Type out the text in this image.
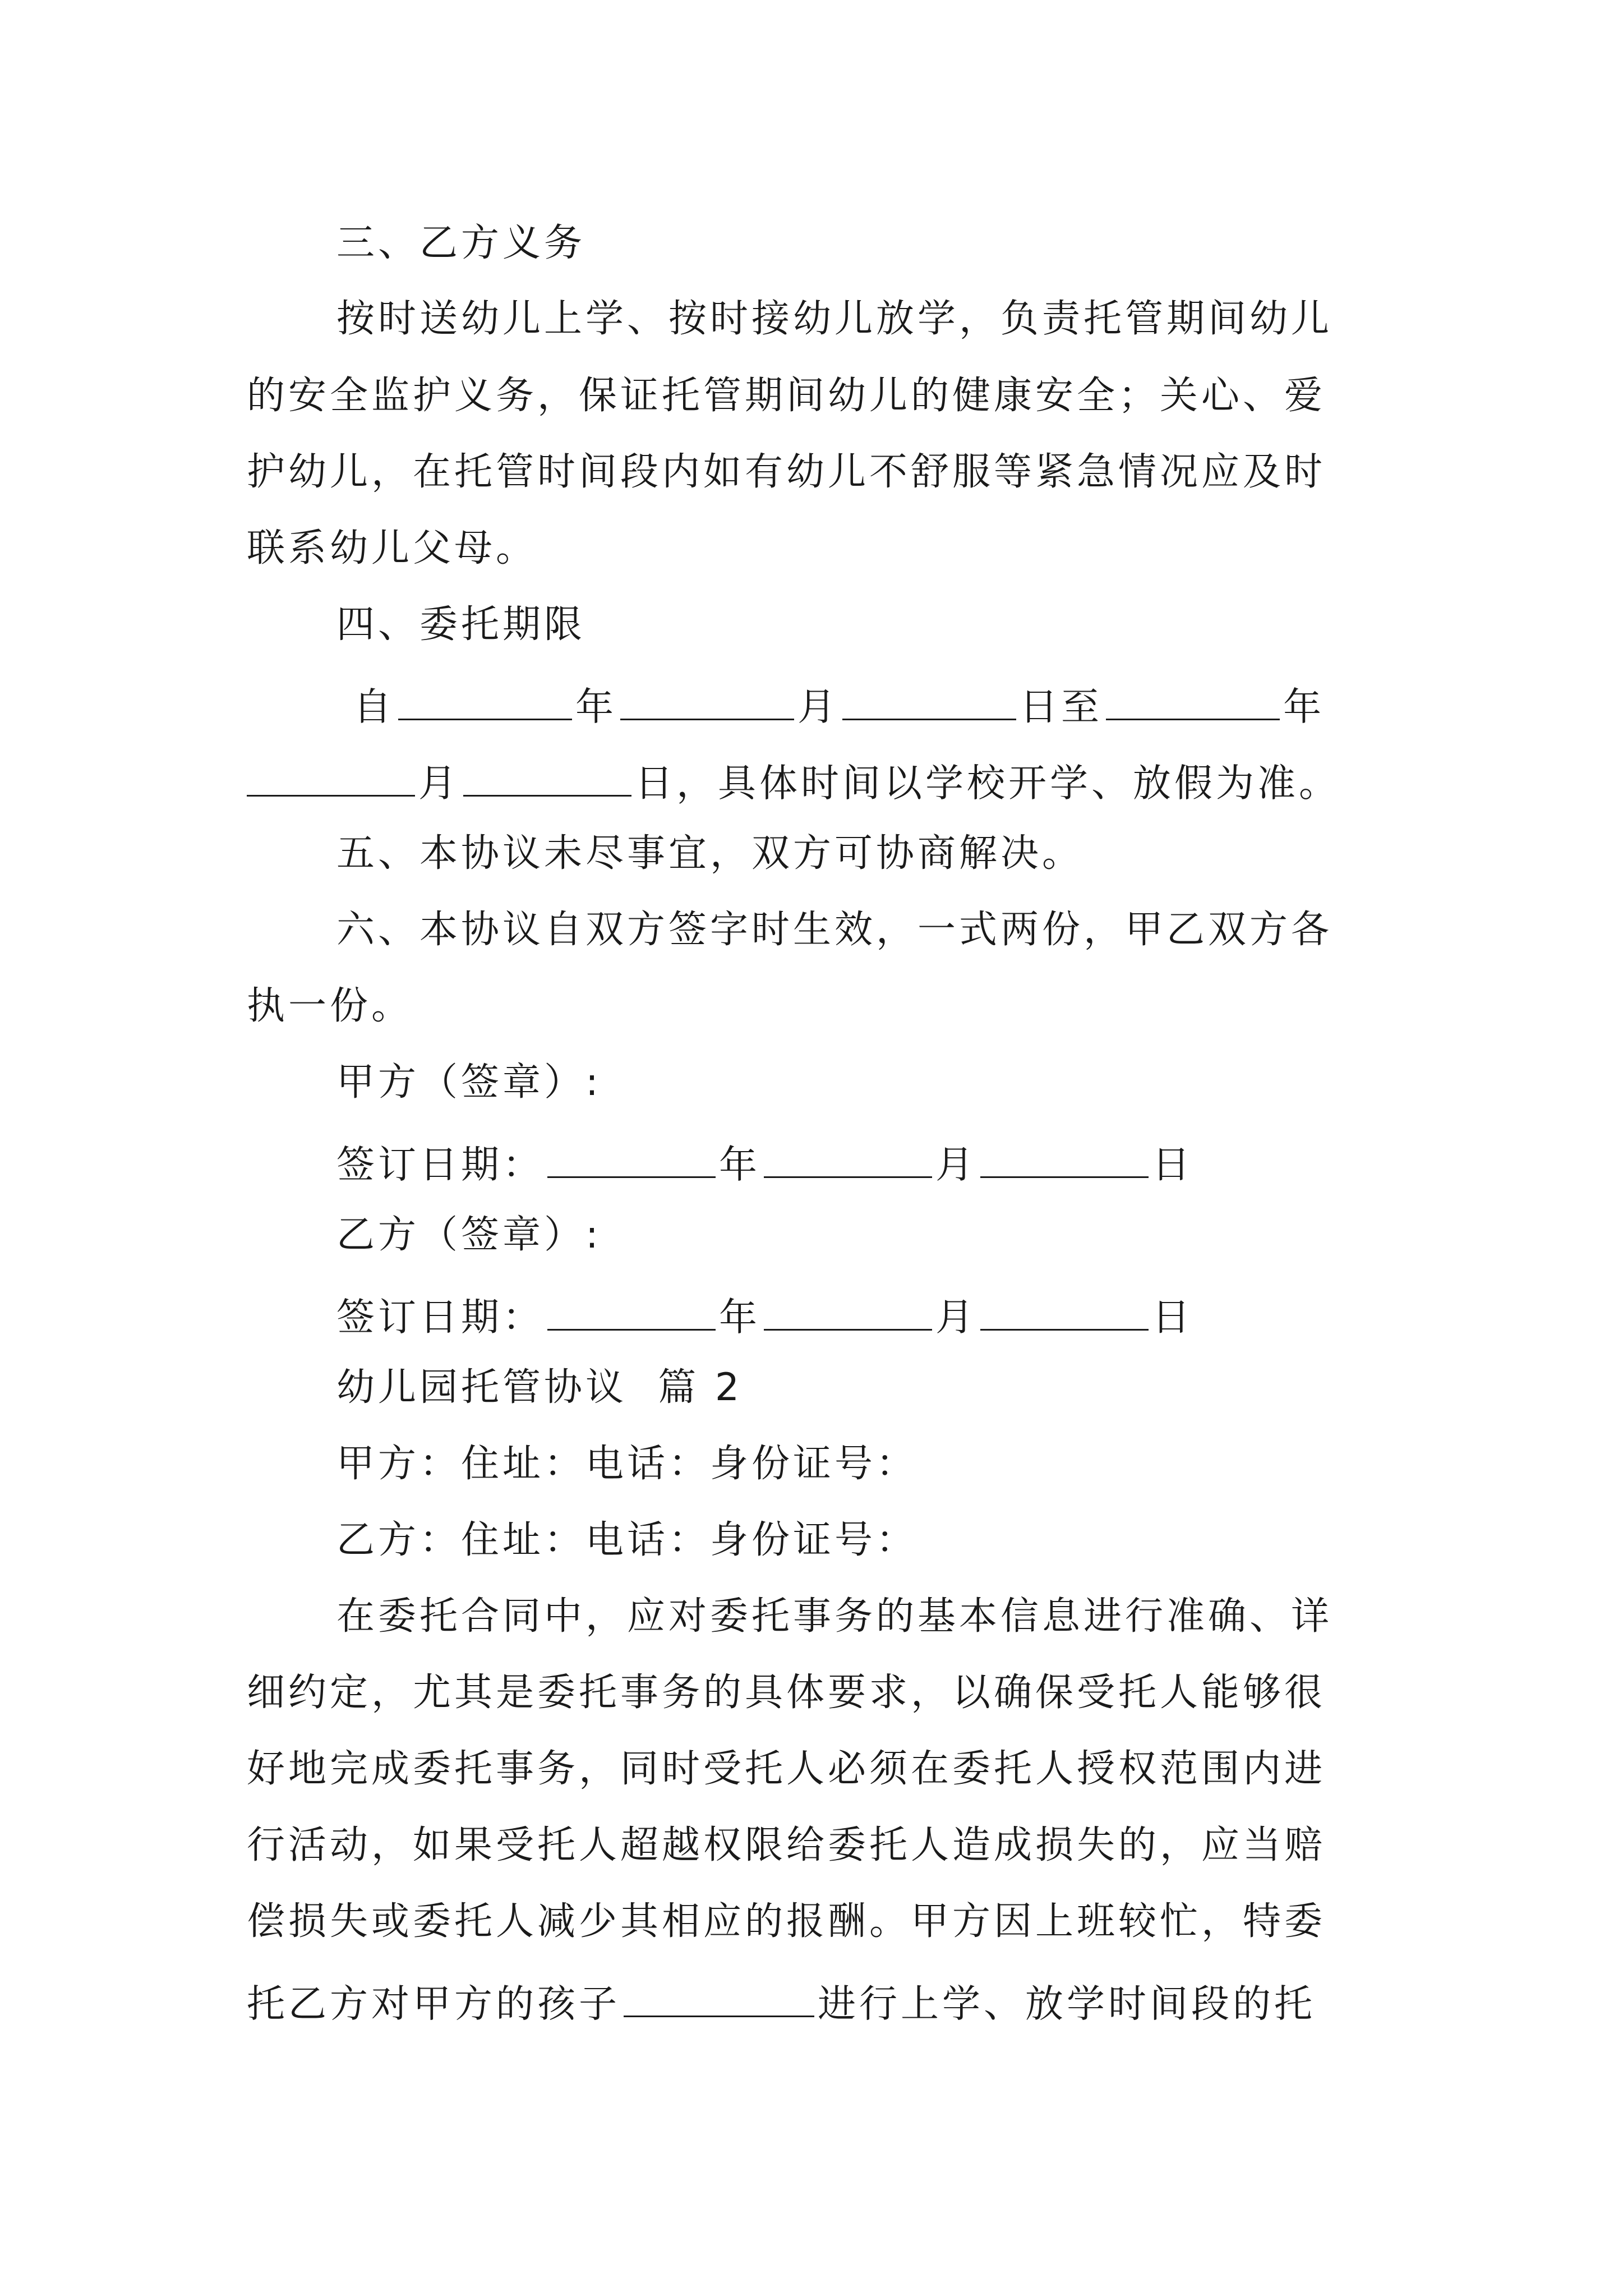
三、乙方义务
按时送幼儿上学、按时接幼儿放学，负责托管期间幼儿
的安全监护义务，保证托管期间幼儿的健康安全；关心、爱
护幼儿，在托管时间段内如有幼儿不舒服等紧急情况应及时
联系幼儿父母。
四、委托期限
自	年	月	日至	年
月	日，具体时间以学校开学、放假为准。
五、本协议未尽事宜，双方可协商解决。
六、本协议自双方签字时生效，一式两份，甲乙双方各
执一份。
甲方（签章）:
签订日期：	年	月	日
乙方（签章）:
签订日期：	年	月	日
幼儿园托管协议  篇 2
甲方：住址：电话：身份证号：
乙方：住址：电话：身份证号：
在委托合同中，应对委托事务的基本信息进行准确、详
细约定，尤其是委托事务的具体要求，以确保受托人能够很
好地完成委托事务，同时受托人必须在委托人授权范围内进
行活动，如果受托人超越权限给委托人造成损失的，应当赔
偿损失或委托人减少其相应的报酬。甲方因上班较忙，特委
托乙方对甲方的孩子	进行上学、放学时间段的托
